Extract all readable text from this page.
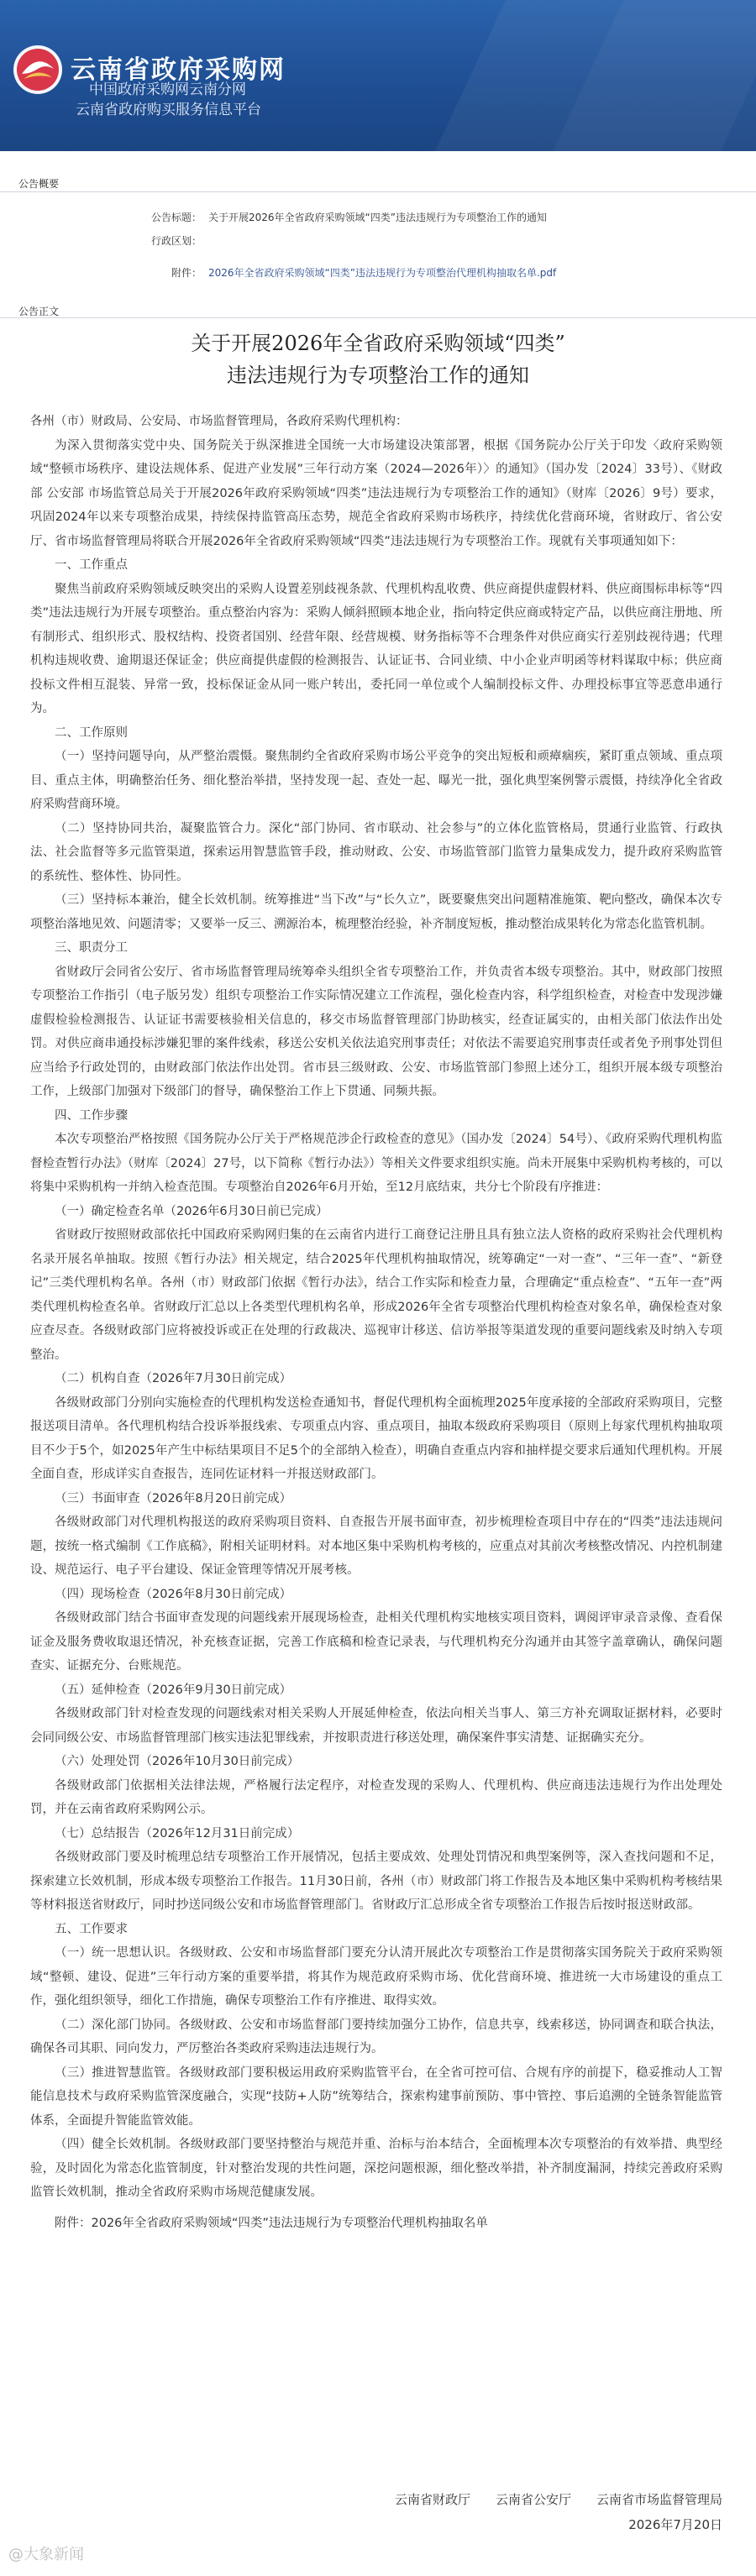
云南省政府采购网
中国政府采购网云南分网
云南省政府购买服务信息平台
公告概要
公告标题： 关于开展2026年全省政府采购领域“四类”违法违规行为专项整治工作的通知
行政区划：
附件： 2026年全省政府采购领域“四类”违法违规行为专项整治代理机构抽取名单.pdf
公告正文
关于开展2026年全省政府采购领域“四类”
违法违规行为专项整治工作的通知

各州（市）财政局、公安局、市场监督管理局，各政府采购代理机构：

为深入贯彻落实党中央、国务院关于纵深推进全国统一大市场建设决策部署，根据《国务院办公厅关于印发〈政府采购领域“整顿市场秩序、建设法规体系、促进产业发展”三年行动方案（2024—2026年）〉的通知》（国办发〔2024〕33号）、《财政部 公安部 市场监管总局关于开展2026年政府采购领域“四类”违法违规行为专项整治工作的通知》（财库〔2026〕9号）要求，巩固2024年以来专项整治成果，持续保持监管高压态势，规范全省政府采购市场秩序，持续优化营商环境，省财政厅、省公安厅、省市场监督管理局将联合开展2026年全省政府采购领域“四类”违法违规行为专项整治工作。现就有关事项通知如下：

一、工作重点

聚焦当前政府采购领域反映突出的采购人设置差别歧视条款、代理机构乱收费、供应商提供虚假材料、供应商围标串标等“四类”违法违规行为开展专项整治。重点整治内容为：采购人倾斜照顾本地企业，指向特定供应商或特定产品，以供应商注册地、所有制形式、组织形式、股权结构、投资者国别、经营年限、经营规模、财务指标等不合理条件对供应商实行差别歧视待遇；代理机构违规收费、逾期退还保证金；供应商提供虚假的检测报告、认证证书、合同业绩、中小企业声明函等材料谋取中标；供应商投标文件相互混装、异常一致，投标保证金从同一账户转出，委托同一单位或个人编制投标文件、办理投标事宜等恶意串通行为。

二、工作原则

（一）坚持问题导向，从严整治震慑。聚焦制约全省政府采购市场公平竞争的突出短板和顽瘴痼疾，紧盯重点领域、重点项目、重点主体，明确整治任务、细化整治举措，坚持发现一起、查处一起、曝光一批，强化典型案例警示震慑，持续净化全省政府采购营商环境。

（二）坚持协同共治，凝聚监管合力。深化“部门协同、省市联动、社会参与”的立体化监管格局，贯通行业监管、行政执法、社会监督等多元监管渠道，探索运用智慧监管手段，推动财政、公安、市场监管部门监管力量集成发力，提升政府采购监管的系统性、整体性、协同性。

（三）坚持标本兼治，健全长效机制。统筹推进“当下改”与“长久立”，既要聚焦突出问题精准施策、靶向整改，确保本次专项整治落地见效、问题清零；又要举一反三、溯源治本，梳理整治经验，补齐制度短板，推动整治成果转化为常态化监管机制。

三、职责分工

省财政厅会同省公安厅、省市场监督管理局统筹牵头组织全省专项整治工作，并负责省本级专项整治。其中，财政部门按照专项整治工作指引（电子版另发）组织专项整治工作实际情况建立工作流程，强化检查内容，科学组织检查，对检查中发现涉嫌虚假检验检测报告、认证证书需要核验相关信息的，移交市场监督管理部门协助核实，经查证属实的，由相关部门依法作出处罚。对供应商串通投标涉嫌犯罪的案件线索，移送公安机关依法追究刑事责任；对依法不需要追究刑事责任或者免予刑事处罚但应当给予行政处罚的，由财政部门依法作出处罚。省市县三级财政、公安、市场监管部门参照上述分工，组织开展本级专项整治工作，上级部门加强对下级部门的督导，确保整治工作上下贯通、同频共振。

四、工作步骤

本次专项整治严格按照《国务院办公厅关于严格规范涉企行政检查的意见》（国办发〔2024〕54号）、《政府采购代理机构监督检查暂行办法》（财库〔2024〕27号，以下简称《暂行办法》）等相关文件要求组织实施。尚未开展集中采购机构考核的，可以将集中采购机构一并纳入检查范围。专项整治自2026年6月开始，至12月底结束，共分七个阶段有序推进：

（一）确定检查名单（2026年6月30日前已完成）

省财政厅按照财政部依托中国政府采购网归集的在云南省内进行工商登记注册且具有独立法人资格的政府采购社会代理机构名录开展名单抽取。按照《暂行办法》相关规定，结合2025年代理机构抽取情况，统筹确定“一对一查”、“三年一查”、“新登记”三类代理机构名单。各州（市）财政部门依据《暂行办法》，结合工作实际和检查力量，合理确定“重点检查”、“五年一查”两类代理机构检查名单。省财政厅汇总以上各类型代理机构名单，形成2026年全省专项整治代理机构检查对象名单，确保检查对象应查尽查。各级财政部门应将被投诉或正在处理的行政裁决、巡视审计移送、信访举报等渠道发现的重要问题线索及时纳入专项整治。

（二）机构自查（2026年7月30日前完成）

各级财政部门分别向实施检查的代理机构发送检查通知书，督促代理机构全面梳理2025年度承接的全部政府采购项目，完整报送项目清单。各代理机构结合投诉举报线索、专项重点内容、重点项目，抽取本级政府采购项目（原则上每家代理机构抽取项目不少于5个，如2025年产生中标结果项目不足5个的全部纳入检查），明确自查重点内容和抽样提交要求后通知代理机构。开展全面自查，形成详实自查报告，连同佐证材料一并报送财政部门。

（三）书面审查（2026年8月20日前完成）

各级财政部门对代理机构报送的政府采购项目资料、自查报告开展书面审查，初步梳理检查项目中存在的“四类”违法违规问题，按统一格式编制《工作底稿》，附相关证明材料。对本地区集中采购机构考核的，应重点对其前次考核整改情况、内控机制建设、规范运行、电子平台建设、保证金管理等情况开展考核。

（四）现场检查（2026年8月30日前完成）

各级财政部门结合书面审查发现的问题线索开展现场检查，赴相关代理机构实地核实项目资料，调阅评审录音录像、查看保证金及服务费收取退还情况，补充核查证据，完善工作底稿和检查记录表，与代理机构充分沟通并由其签字盖章确认，确保问题查实、证据充分、台账规范。

（五）延伸检查（2026年9月30日前完成）

各级财政部门针对检查发现的问题线索对相关采购人开展延伸检查，依法向相关当事人、第三方补充调取证据材料，必要时会同同级公安、市场监督管理部门核实违法犯罪线索，并按职责进行移送处理，确保案件事实清楚、证据确实充分。

（六）处理处罚（2026年10月30日前完成）

各级财政部门依据相关法律法规，严格履行法定程序，对检查发现的采购人、代理机构、供应商违法违规行为作出处理处罚，并在云南省政府采购网公示。

（七）总结报告（2026年12月31日前完成）

各级财政部门要及时梳理总结专项整治工作开展情况，包括主要成效、处理处罚情况和典型案例等，深入查找问题和不足，探索建立长效机制，形成本级专项整治工作报告。11月30日前，各州（市）财政部门将工作报告及本地区集中采购机构考核结果等材料报送省财政厅，同时抄送同级公安和市场监督管理部门。省财政厅汇总形成全省专项整治工作报告后按时报送财政部。

五、工作要求

（一）统一思想认识。各级财政、公安和市场监督部门要充分认清开展此次专项整治工作是贯彻落实国务院关于政府采购领域“整顿、建设、促进”三年行动方案的重要举措，将其作为规范政府采购市场、优化营商环境、推进统一大市场建设的重点工作，强化组织领导，细化工作措施，确保专项整治工作有序推进、取得实效。

（二）深化部门协同。各级财政、公安和市场监督部门要持续加强分工协作，信息共享，线索移送，协同调查和联合执法，确保各司其职、同向发力，严厉整治各类政府采购违法违规行为。

（三）推进智慧监管。各级财政部门要积极运用政府采购监管平台，在全省可控可信、合规有序的前提下，稳妥推动人工智能信息技术与政府采购监管深度融合，实现“技防+人防”统筹结合，探索构建事前预防、事中管控、事后追溯的全链条智能监管体系，全面提升智能监管效能。

（四）健全长效机制。各级财政部门要坚持整治与规范并重、治标与治本结合，全面梳理本次专项整治的有效举措、典型经验，及时固化为常态化监管制度，针对整治发现的共性问题，深挖问题根源，细化整改举措，补齐制度漏洞，持续完善政府采购监管长效机制，推动全省政府采购市场规范健康发展。

附件：2026年全省政府采购领域“四类”违法违规行为专项整治代理机构抽取名单

云南省财政厅　　云南省公安厅　　云南省市场监督管理局
2026年7月20日
@大象新闻
